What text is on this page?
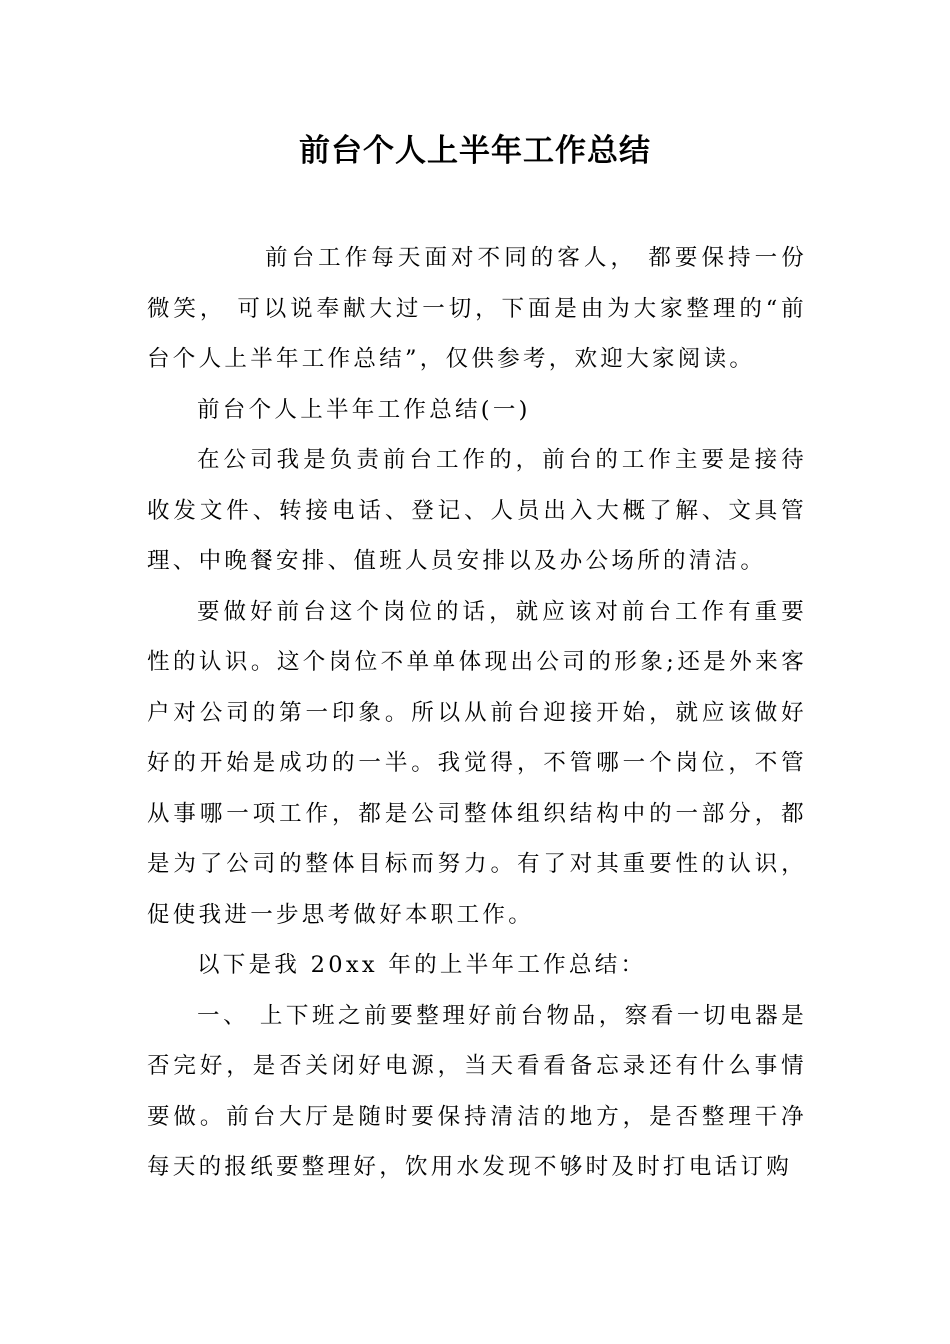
前台个人上半年工作总结

前台工作每天面对不同的客人， 都要保持一份微笑， 可以说奉献大过一切，下面是由为大家整理的“前台个人上半年工作总结”，仅供参考，欢迎大家阅读。

前台个人上半年工作总结(一)

在公司我是负责前台工作的，前台的工作主要是接待收发文件、转接电话、登记、人员出入大概了解、文具管理、中晚餐安排、值班人员安排以及办公场所的清洁。

要做好前台这个岗位的话，就应该对前台工作有重要性的认识。这个岗位不单单体现出公司的形象;还是外来客户对公司的第一印象。所以从前台迎接开始，就应该做好好的开始是成功的一半。我觉得，不管哪一个岗位，不管从事哪一项工作，都是公司整体组织结构中的一部分，都是为了公司的整体目标而努力。有了对其重要性的认识，促使我进一步思考做好本职工作。

以下是我 20xx 年的上半年工作总结：

一、 上下班之前要整理好前台物品，察看一切电器是否完好，是否关闭好电源，当天看看备忘录还有什么事情要做。前台大厅是随时要保持清洁的地方，是否整理干净每天的报纸要整理好，饮用水发现不够时及时打电话订购
